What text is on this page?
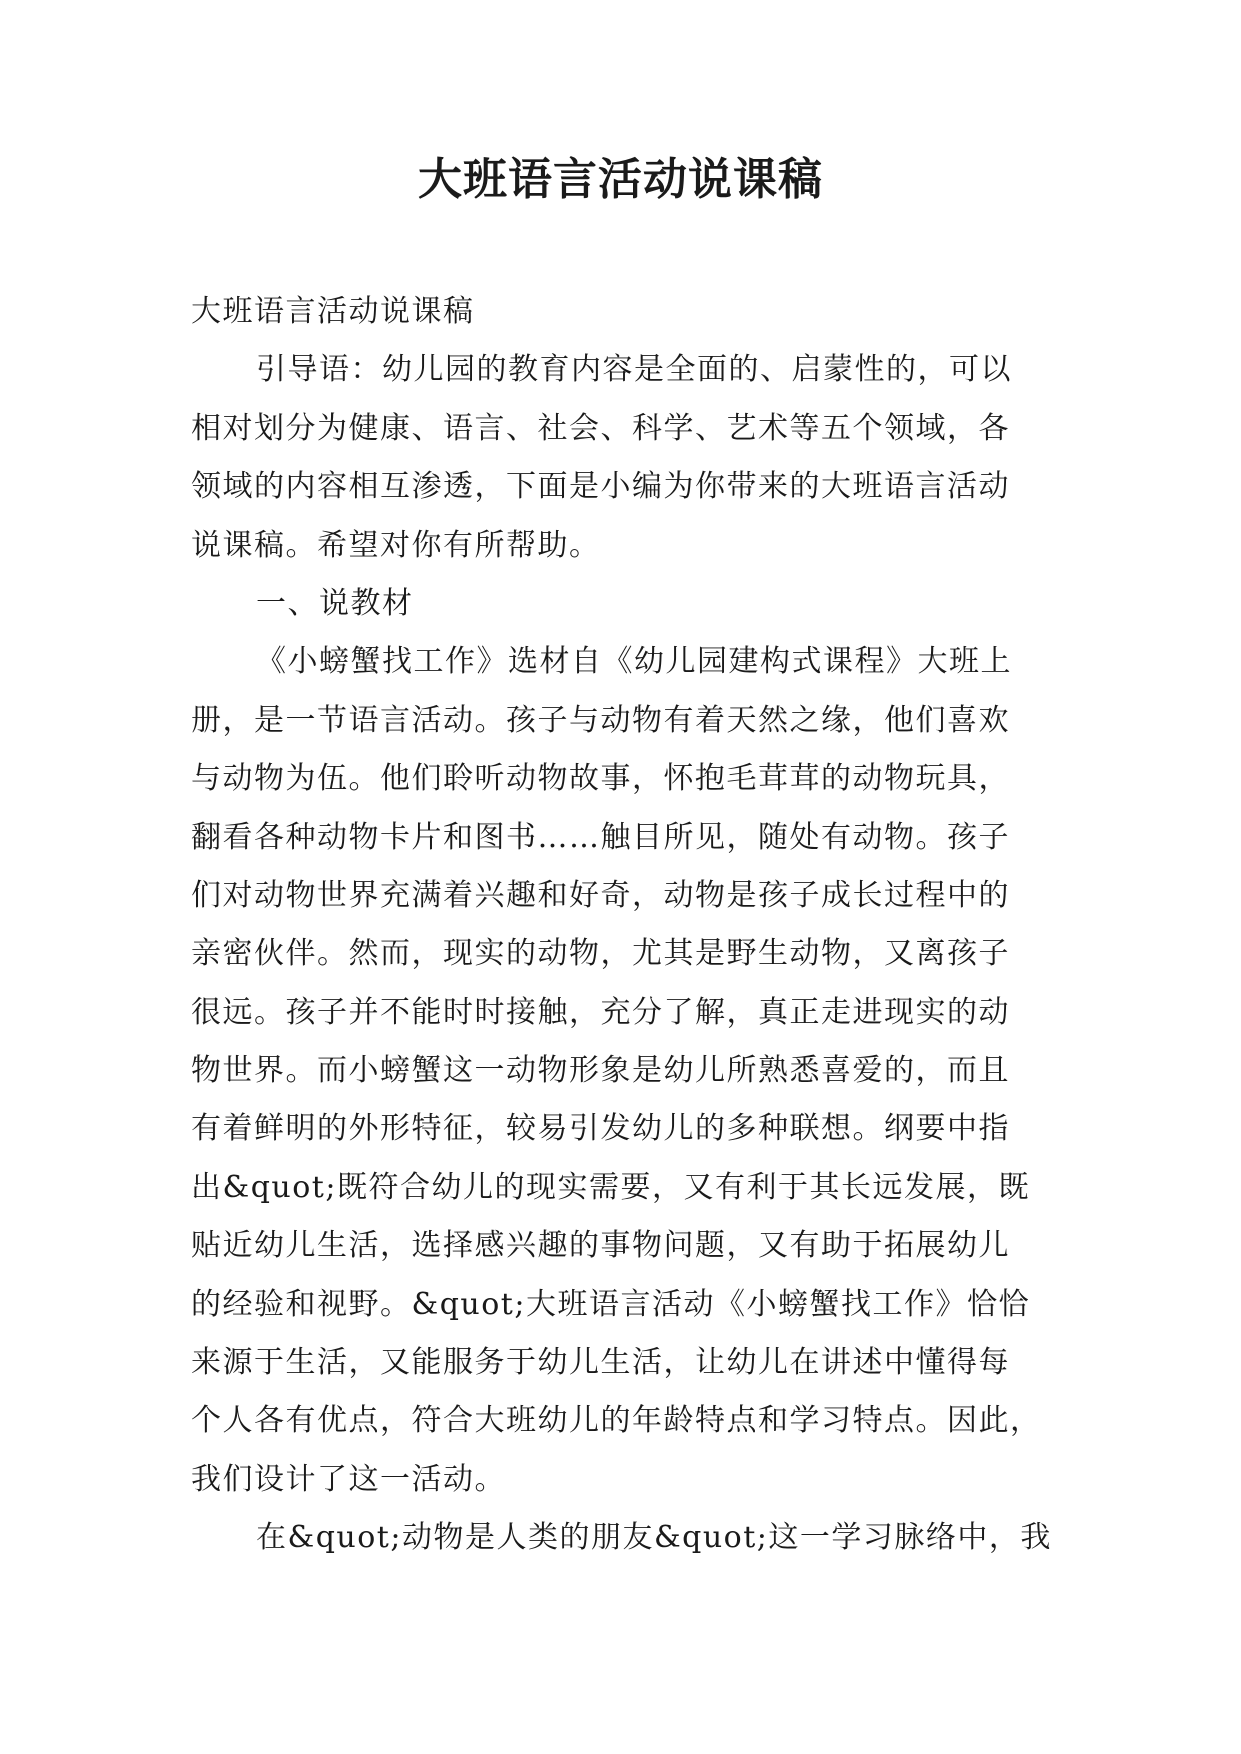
大班语言活动说课稿
大班语言活动说课稿
引导语：幼儿园的教育内容是全面的、启蒙性的，可以
相对划分为健康、语言、社会、科学、艺术等五个领域，各
领域的内容相互渗透，下面是小编为你带来的大班语言活动
说课稿。希望对你有所帮助。
一、说教材
《小螃蟹找工作》选材自《幼儿园建构式课程》大班上
册，是一节语言活动。孩子与动物有着天然之缘，他们喜欢
与动物为伍。他们聆听动物故事，怀抱毛茸茸的动物玩具，
翻看各种动物卡片和图书……触目所见，随处有动物。孩子
们对动物世界充满着兴趣和好奇，动物是孩子成长过程中的
亲密伙伴。然而，现实的动物，尤其是野生动物，又离孩子
很远。孩子并不能时时接触，充分了解，真正走进现实的动
物世界。而小螃蟹这一动物形象是幼儿所熟悉喜爱的，而且
有着鲜明的外形特征，较易引发幼儿的多种联想。纲要中指
出&quot;既符合幼儿的现实需要，又有利于其长远发展，既
贴近幼儿生活，选择感兴趣的事物问题，又有助于拓展幼儿
的经验和视野。&quot;大班语言活动《小螃蟹找工作》恰恰
来源于生活，又能服务于幼儿生活，让幼儿在讲述中懂得每
个人各有优点，符合大班幼儿的年龄特点和学习特点。因此，
我们设计了这一活动。
在&quot;动物是人类的朋友&quot;这一学习脉络中，我
